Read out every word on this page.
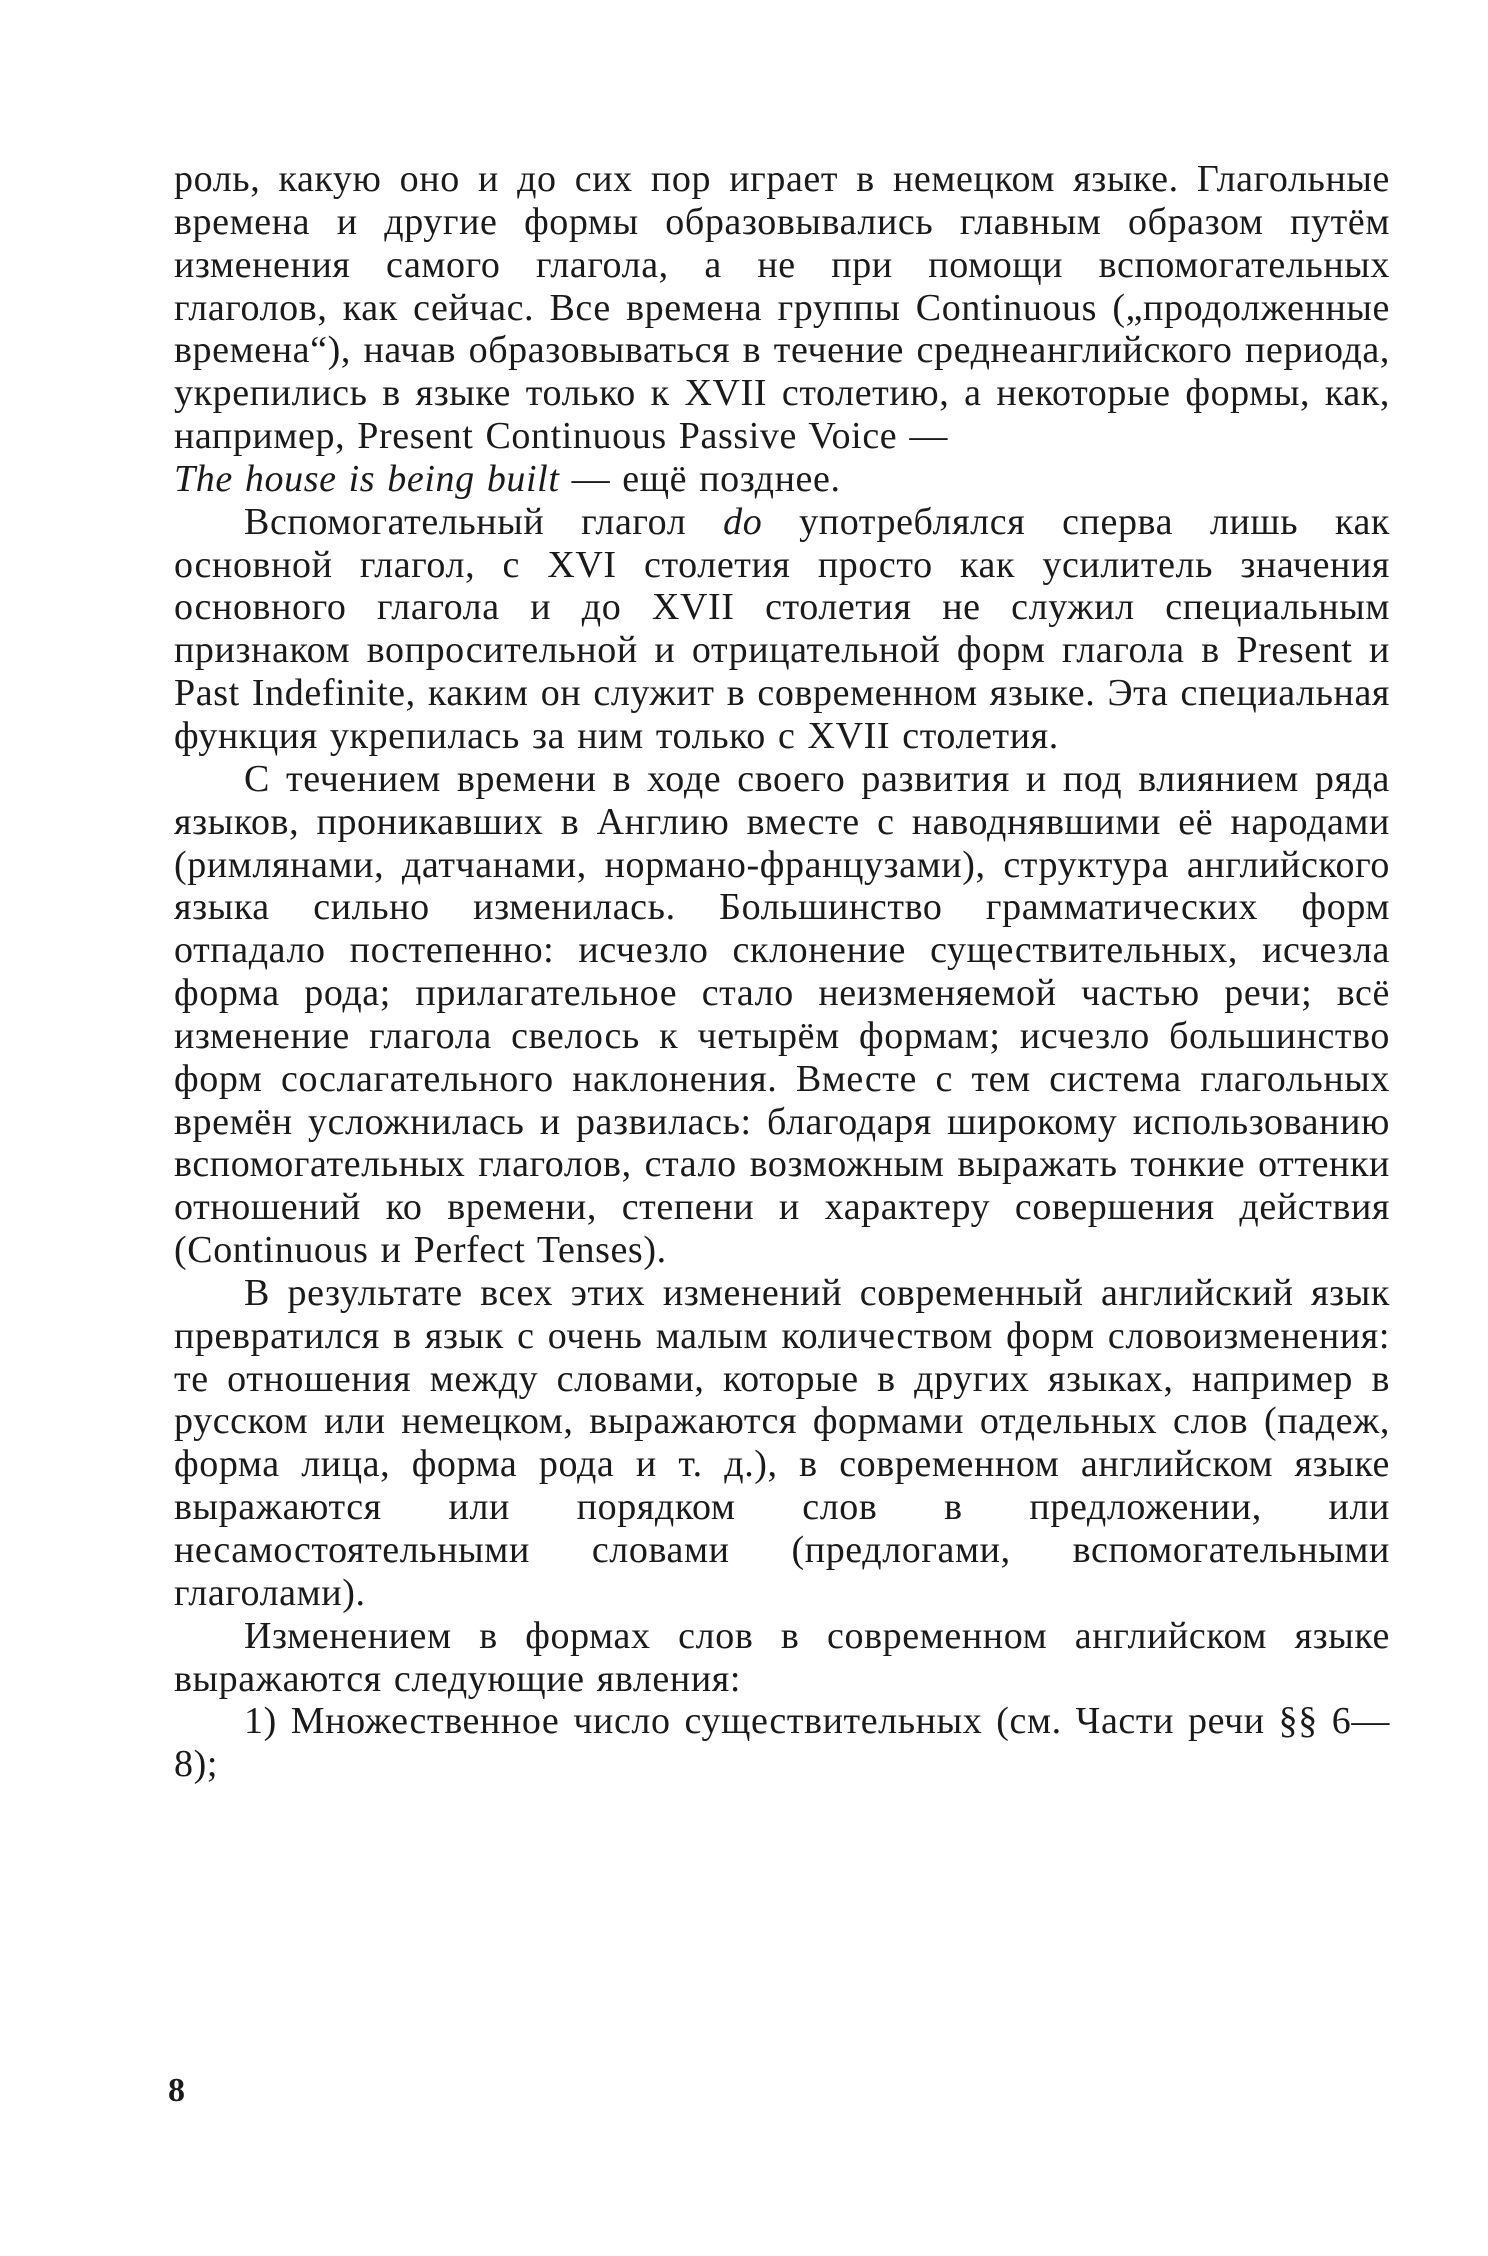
роль, какую оно и до сих пор играет в немецком языке. Глагольные времена и другие формы образовывались главным образом путём изменения самого глагола, а не при помощи вспомогательных глаголов, как сейчас. Все времена группы Continuous („продолженные времена“), начав образовываться в течение среднеанглийского периода, укрепились в языке только к XVII столетию, а некоторые формы, как, например, Present Continuous Passive Voice —
The house is being built — ещё позднее.

Вспомогательный глагол do употреблялся сперва лишь как основной глагол, с XVI столетия просто как усилитель значения основного глагола и до XVII столетия не служил специальным признаком вопросительной и отрицательной форм глагола в Present и Past Indefinite, каким он служит в современном языке. Эта специальная функция укрепилась за ним только с XVII столетия.

С течением времени в ходе своего развития и под влиянием ряда языков, проникавших в Англию вместе с наводнявшими её народами (римлянами, датчанами, нормано-французами), структура английского языка сильно изменилась. Большинство грамматических форм отпадало постепенно: исчезло склонение существительных, исчезла форма рода; прилагательное стало неизменяемой частью речи; всё изменение глагола свелось к четырём формам; исчезло большинство форм сослагательного наклонения. Вместе с тем система глагольных времён усложнилась и развилась: благодаря широкому использованию вспомогательных глаголов, стало возможным выражать тонкие оттенки отношений ко времени, степени и характеру совершения действия (Continuous и Perfect Tenses).

В результате всех этих изменений современный английский язык превратился в язык с очень малым количеством форм словоизменения: те отношения между словами, которые в других языках, например в русском или немецком, выражаются формами отдельных слов (падеж, форма лица, форма рода и т. д.), в современном английском языке выражаются или порядком слов в предложении, или несамостоятельными словами (предлогами, вспомогательными глаголами).

Изменением в формах слов в современном английском языке выражаются следующие явления:

1) Множественное число существительных (см. Части речи §§ 6—8);

8
